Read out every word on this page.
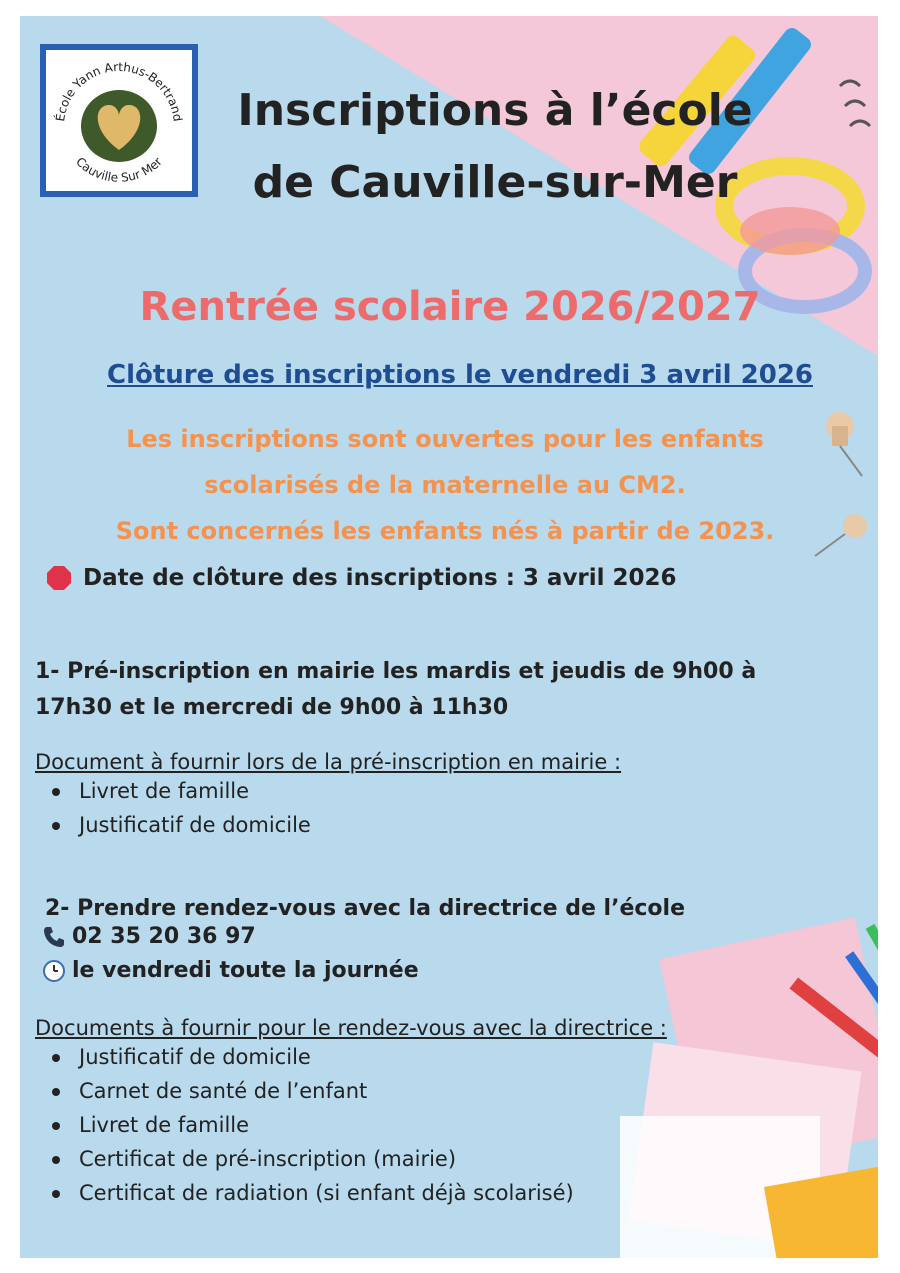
École Yann Arthus-Bertrand
Cauville Sur Mer
Inscriptions à l’école
de Cauville-sur-Mer
Rentrée scolaire 2026/2027
Clôture des inscriptions le vendredi 3 avril 2026
Les inscriptions sont ouvertes pour les enfants
scolarisés de la maternelle au CM2.
Sont concernés les enfants nés à partir de 2023.
Date de clôture des inscriptions : 3 avril 2026
1- Pré-inscription en mairie les mardis et jeudis de 9h00 à
17h30 et le mercredi de 9h00 à 11h30
Document à fournir lors de la pré-inscription en mairie :
Livret de famille
Justificatif de domicile
2- Prendre rendez-vous avec la directrice de l’école
02 35 20 36 97
le vendredi toute la journée
Documents à fournir pour le rendez-vous avec la directrice :
Justificatif de domicile
Carnet de santé de l’enfant
Livret de famille
Certificat de pré-inscription (mairie)
Certificat de radiation (si enfant déjà scolarisé)
